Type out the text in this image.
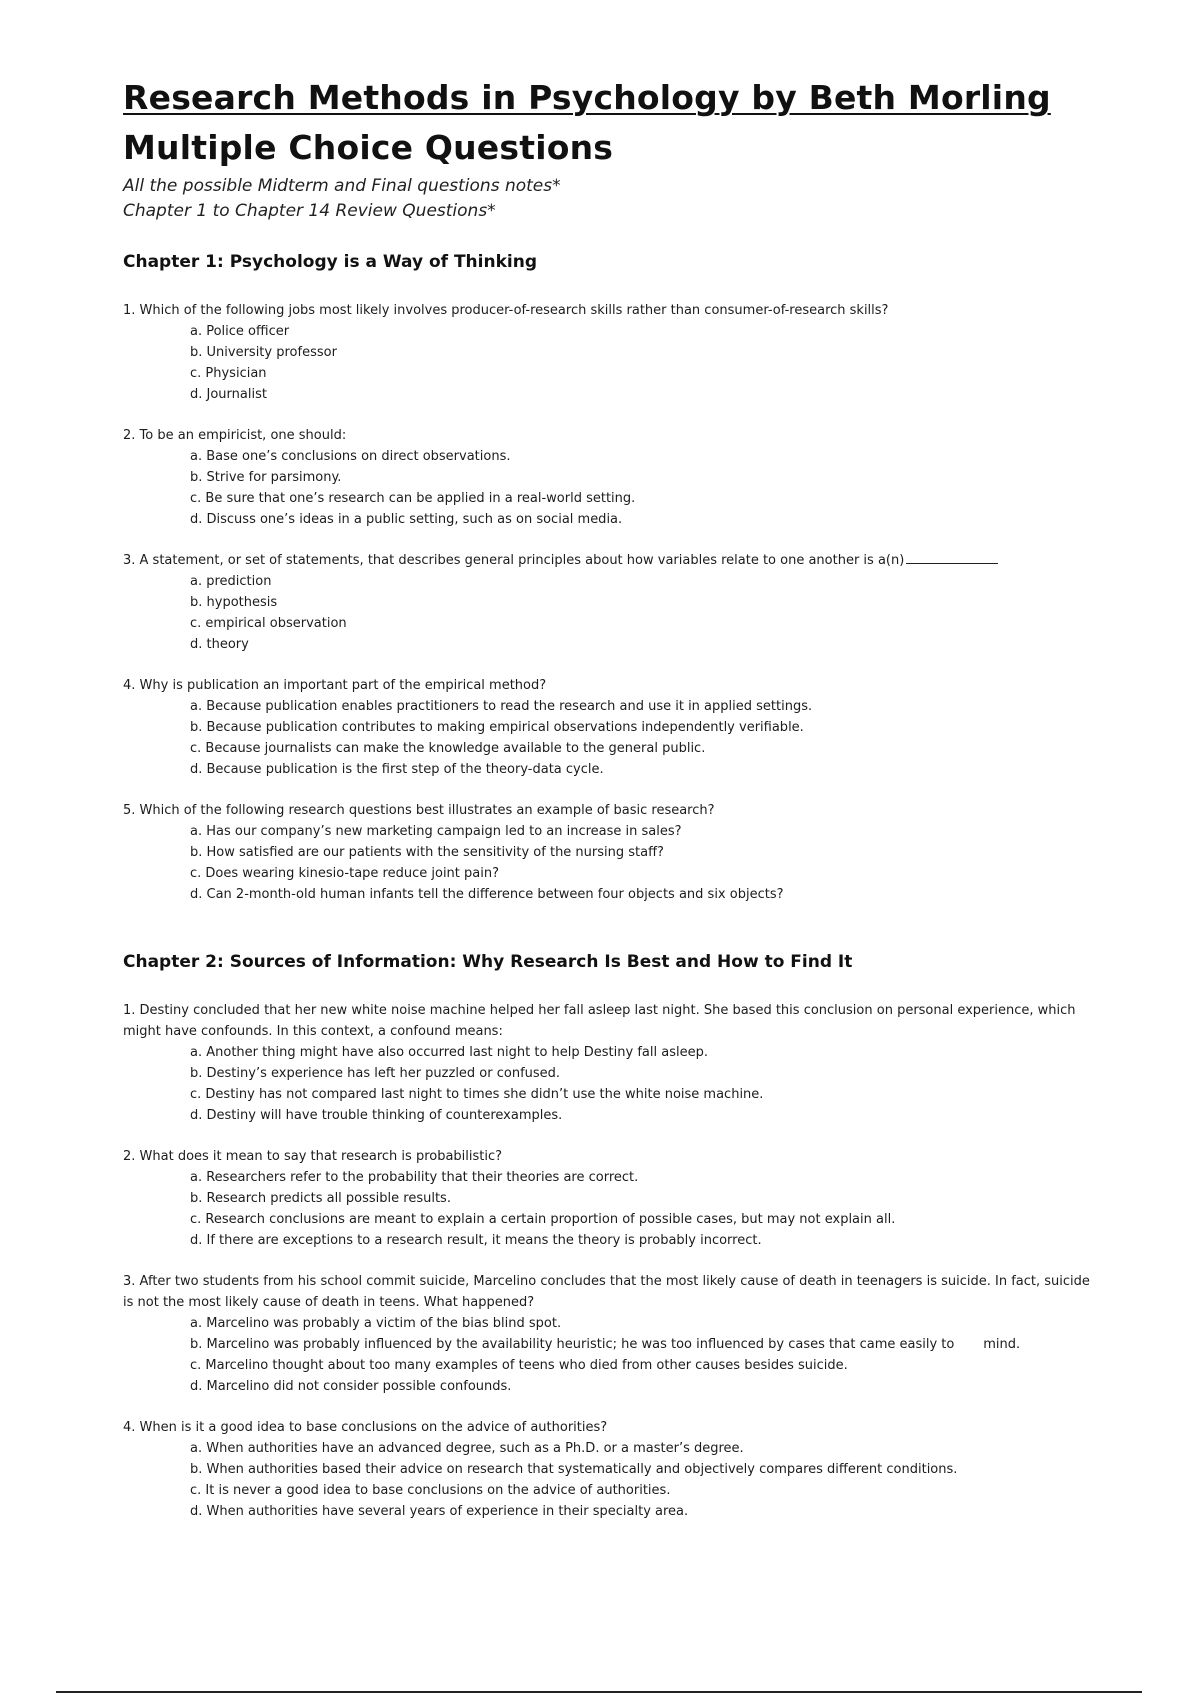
Research Methods in Psychology by Beth Morling
Multiple Choice Questions
All the possible Midterm and Final questions notes*
Chapter 1 to Chapter 14 Review Questions*
Chapter 1: Psychology is a Way of Thinking

1. Which of the following jobs most likely involves producer-of-research skills rather than consumer-of-research skills?

a. Police officer

b. University professor

c. Physician

d. Journalist

2. To be an empiricist, one should:

a. Base one’s conclusions on direct observations.

b. Strive for parsimony.

c. Be sure that one’s research can be applied in a real-world setting.

d. Discuss one’s ideas in a public setting, such as on social media.

3. A statement, or set of statements, that describes general principles about how variables relate to one another is a(n)

a. prediction

b. hypothesis

c. empirical observation

d. theory

4. Why is publication an important part of the empirical method?

a. Because publication enables practitioners to read the research and use it in applied settings.

b. Because publication contributes to making empirical observations independently verifiable.

c. Because journalists can make the knowledge available to the general public.

d. Because publication is the first step of the theory-data cycle.

5. Which of the following research questions best illustrates an example of basic research?

a. Has our company’s new marketing campaign led to an increase in sales?

b. How satisfied are our patients with the sensitivity of the nursing staff?

c. Does wearing kinesio-tape reduce joint pain?

d. Can 2-month-old human infants tell the difference between four objects and six objects?

Chapter 2: Sources of Information: Why Research Is Best and How to Find It

1. Destiny concluded that her new white noise machine helped her fall asleep last night. She based this conclusion on personal experience, which might have confounds. In this context, a confound means:

a. Another thing might have also occurred last night to help Destiny fall asleep.

b. Destiny’s experience has left her puzzled or confused.

c. Destiny has not compared last night to times she didn’t use the white noise machine.

d. Destiny will have trouble thinking of counterexamples.

2. What does it mean to say that research is probabilistic?

a. Researchers refer to the probability that their theories are correct.

b. Research predicts all possible results.

c. Research conclusions are meant to explain a certain proportion of possible cases, but may not explain all.

d. If there are exceptions to a research result, it means the theory is probably incorrect.

3. After two students from his school commit suicide, Marcelino concludes that the most likely cause of death in teenagers is suicide. In fact, suicide is not the most likely cause of death in teens. What happened?

a. Marcelino was probably a victim of the bias blind spot.

b. Marcelino was probably influenced by the availability heuristic; he was too influenced by cases that came easily to       mind.

c. Marcelino thought about too many examples of teens who died from other causes besides suicide.

d. Marcelino did not consider possible confounds.

4. When is it a good idea to base conclusions on the advice of authorities?

a. When authorities have an advanced degree, such as a Ph.D. or a master’s degree.

b. When authorities based their advice on research that systematically and objectively compares different conditions.

c. It is never a good idea to base conclusions on the advice of authorities.

d. When authorities have several years of experience in their specialty area.
